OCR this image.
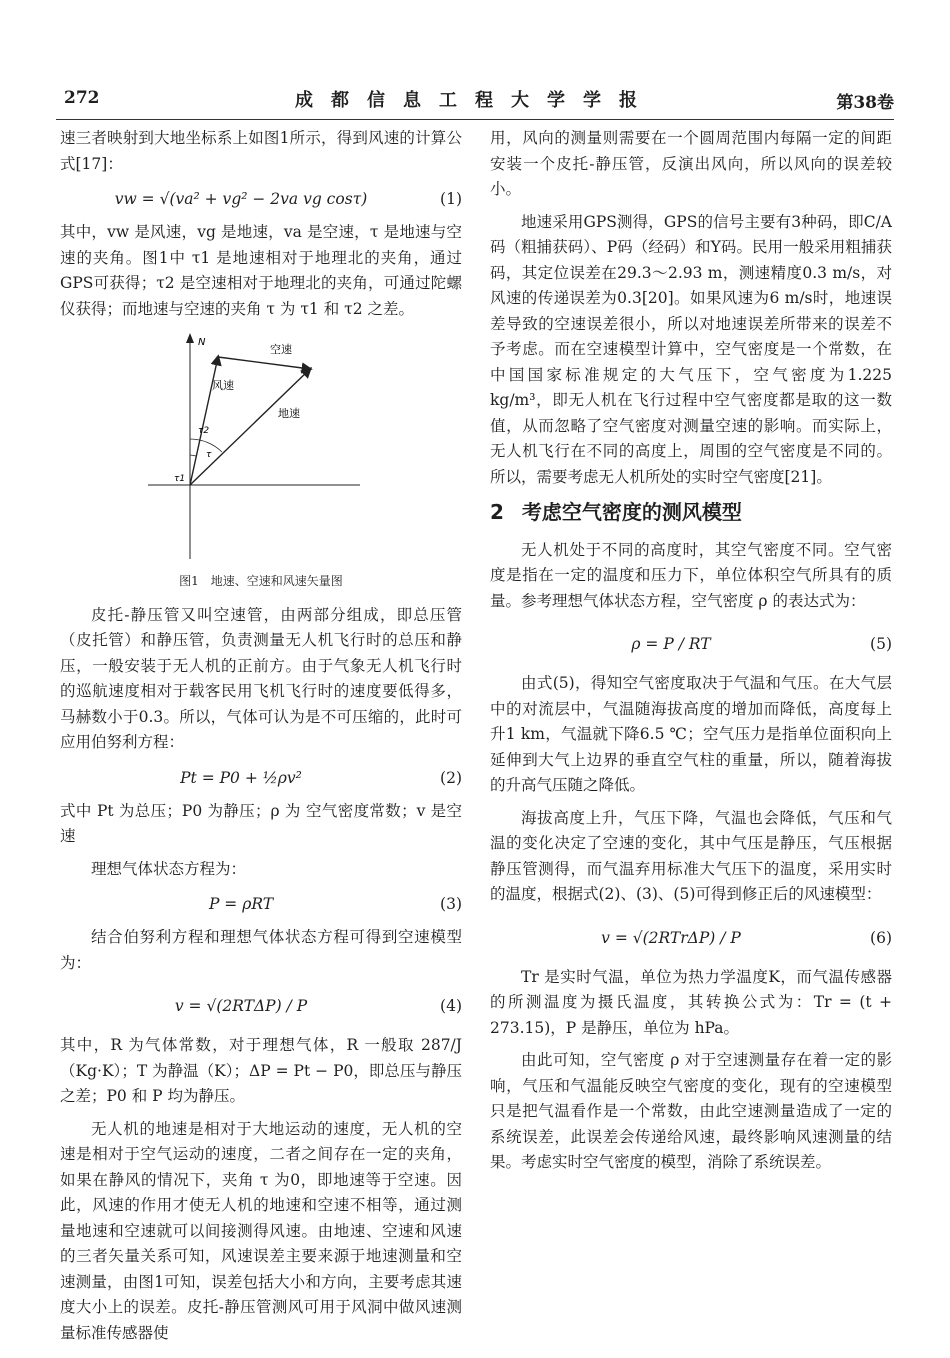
272	成都信息工程大学学报	第38卷

速三者映射到大地坐标系上如图1所示，得到风速的计算公式[17]：

vw = √(va² + vg² − 2va vg cosτ)	(1)

其中，vw 是风速，vg 是地速，va 是空速，τ 是地速与空速的夹角。图1中 τ1 是地速相对于地理北的夹角，通过GPS可获得；τ2 是空速相对于地理北的夹角，可通过陀螺仪获得；而地速与空速的夹角 τ 为 τ1 和 τ2 之差。

N
风速
空速
地速
τ2
τ
τ1

图1　地速、空速和风速矢量图

皮托-静压管又叫空速管，由两部分组成，即总压管（皮托管）和静压管，负责测量无人机飞行时的总压和静压，一般安装于无人机的正前方。由于气象无人机飞行时的巡航速度相对于载客民用飞机飞行时的速度要低得多，马赫数小于0.3。所以，气体可认为是不可压缩的，此时可应用伯努利方程：

Pt = P0 + ½ρv²	(2)

式中 Pt 为总压；P0 为静压；ρ 为 空气密度常数；v 是空速

理想气体状态方程为：

P = ρRT	(3)

结合伯努利方程和理想气体状态方程可得到空速模型为：

v = √(2RTΔP) / P	(4)

其中，R 为气体常数，对于理想气体，R 一般取 287/J（Kg·K）；T 为静温（K）；ΔP = Pt − P0，即总压与静压之差；P0 和 P 均为静压。

无人机的地速是相对于大地运动的速度，无人机的空速是相对于空气运动的速度，二者之间存在一定的夹角，如果在静风的情况下，夹角 τ 为0，即地速等于空速。因此，风速的作用才使无人机的地速和空速不相等，通过测量地速和空速就可以间接测得风速。由地速、空速和风速的三者矢量关系可知，风速误差主要来源于地速测量和空速测量，由图1可知，误差包括大小和方向，主要考虑其速度大小上的误差。皮托-静压管测风可用于风洞中做风速测量标准传感器使

用，风向的测量则需要在一个圆周范围内每隔一定的间距安装一个皮托-静压管，反演出风向，所以风向的误差较小。

地速采用GPS测得，GPS的信号主要有3种码，即C/A码（粗捕获码）、P码（经码）和Y码。民用一般采用粗捕获码，其定位误差在29.3～2.93 m，测速精度0.3 m/s，对风速的传递误差为0.3[20]。如果风速为6 m/s时，地速误差导致的空速误差很小，所以对地速误差所带来的误差不予考虑。而在空速模型计算中，空气密度是一个常数，在中国国家标准规定的大气压下，空气密度为1.225 kg/m³，即无人机在飞行过程中空气密度都是取的这一数值，从而忽略了空气密度对测量空速的影响。而实际上，无人机飞行在不同的高度上，周围的空气密度是不同的。所以，需要考虑无人机所处的实时空气密度[21]。

2 考虑空气密度的测风模型

无人机处于不同的高度时，其空气密度不同。空气密度是指在一定的温度和压力下，单位体积空气所具有的质量。参考理想气体状态方程，空气密度 ρ 的表达式为：

ρ = P / RT	(5)

由式(5)，得知空气密度取决于气温和气压。在大气层中的对流层中，气温随海拔高度的增加而降低，高度每上升1 km，气温就下降6.5 ℃；空气压力是指单位面积向上延伸到大气上边界的垂直空气柱的重量，所以，随着海拔的升高气压随之降低。

海拔高度上升，气压下降，气温也会降低，气压和气温的变化决定了空速的变化，其中气压是静压，气压根据静压管测得，而气温弃用标准大气压下的温度，采用实时的温度，根据式(2)、(3)、(5)可得到修正后的风速模型：

v = √(2RTrΔP) / P	(6)

Tr 是实时气温，单位为热力学温度K，而气温传感器的所测温度为摄氏温度，其转换公式为：Tr = (t + 273.15)，P 是静压，单位为 hPa。

由此可知，空气密度 ρ 对于空速测量存在着一定的影响，气压和气温能反映空气密度的变化，现有的空速模型只是把气温看作是一个常数，由此空速测量造成了一定的系统误差，此误差会传递给风速，最终影响风速测量的结果。考虑实时空气密度的模型，消除了系统误差。
